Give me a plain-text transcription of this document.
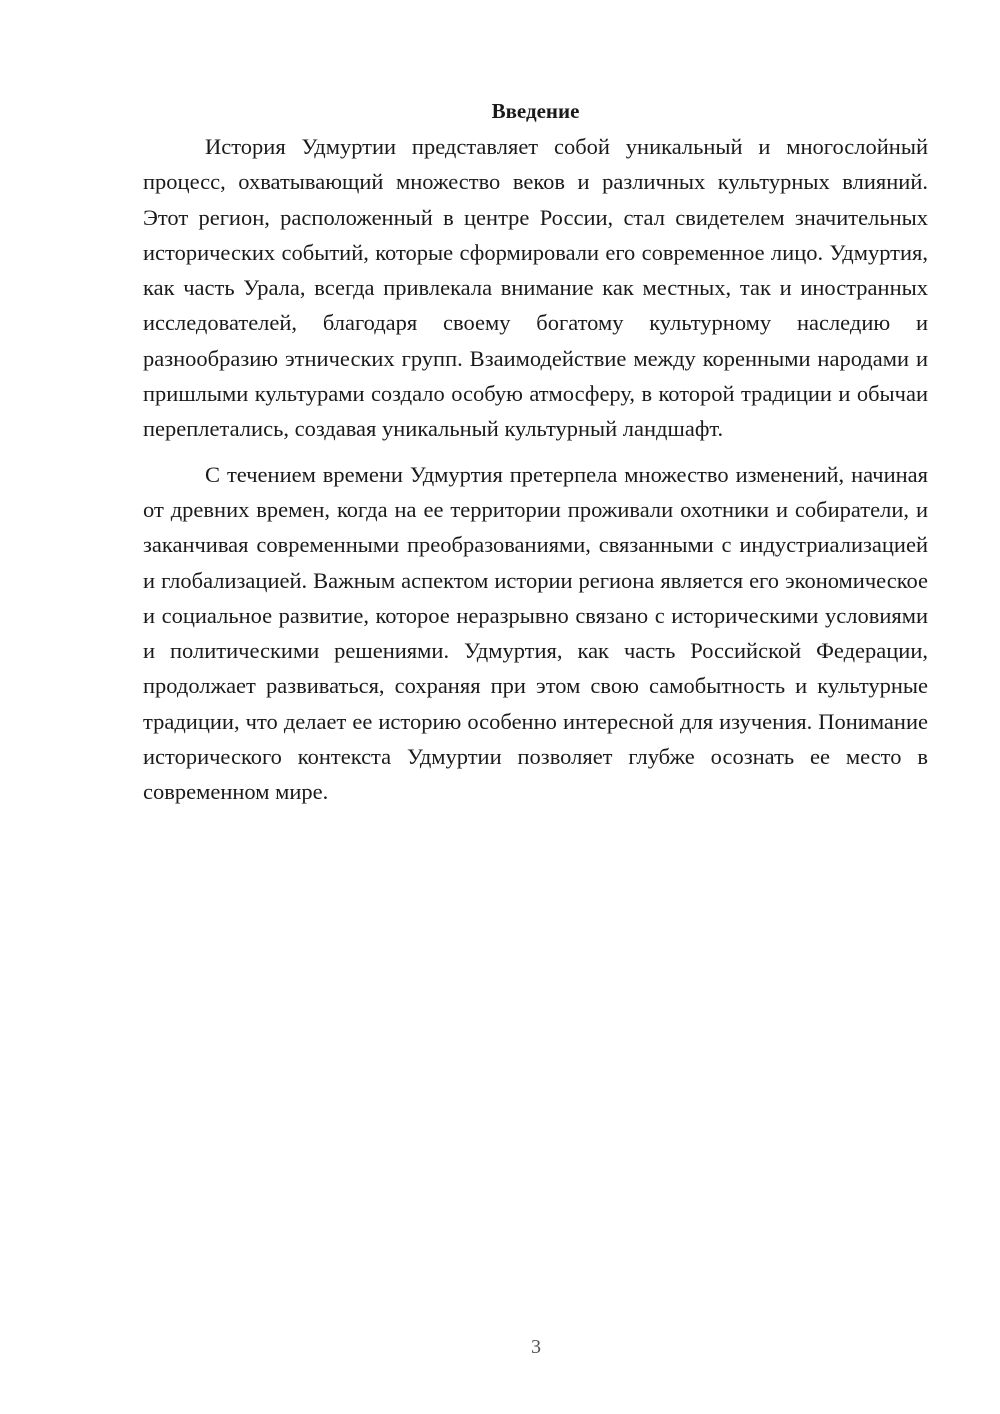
Введение

История Удмуртии представляет собой уникальный и многослойный процесс, охватывающий множество веков и различных культурных влияний. Этот регион, расположенный в центре России, стал свидетелем значительных исторических событий, которые сформировали его современное лицо. Удмуртия, как часть Урала, всегда привлекала внимание как местных, так и иностранных исследователей, благодаря своему богатому культурному наследию и разнообразию этнических групп. Взаимодействие между коренными народами и пришлыми культурами создало особую атмосферу, в которой традиции и обычаи переплетались, создавая уникальный культурный ландшафт.

С течением времени Удмуртия претерпела множество изменений, начиная от древних времен, когда на ее территории проживали охотники и собиратели, и заканчивая современными преобразованиями, связанными с индустриализацией и глобализацией. Важным аспектом истории региона является его экономическое и социальное развитие, которое неразрывно связано с историческими условиями и политическими решениями. Удмуртия, как часть Российской Федерации, продолжает развиваться, сохраняя при этом свою самобытность и культурные традиции, что делает ее историю особенно интересной для изучения. Понимание исторического контекста Удмуртии позволяет глубже осознать ее место в современном мире.

3
